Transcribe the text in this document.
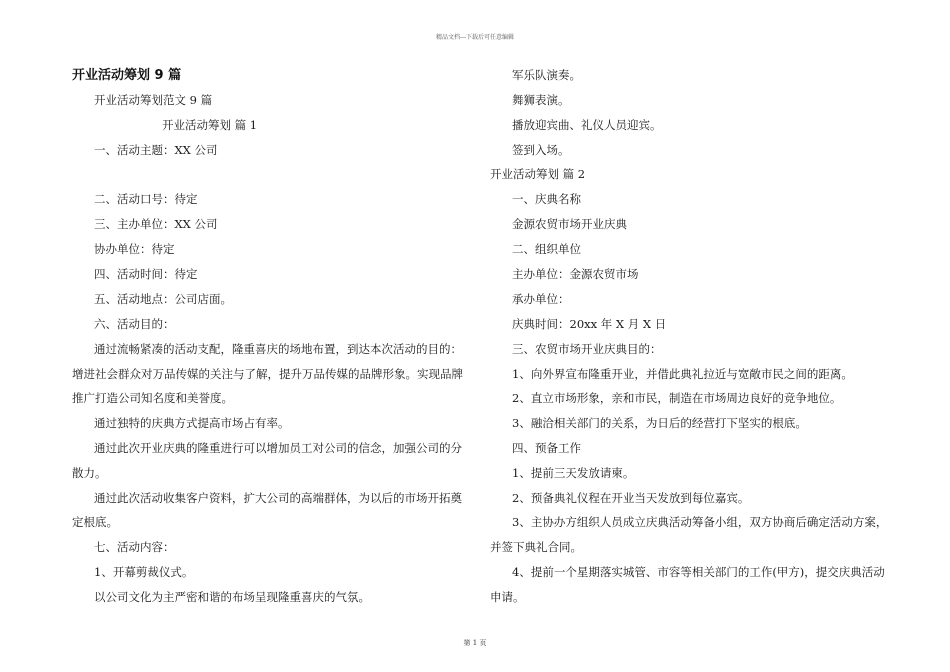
精品文档---下载后可任意编辑
开业活动筹划 9 篇

开业活动筹划范文 9 篇

开业活动筹划 篇 1

一、活动主题：XX 公司

二、活动口号：待定

三、主办单位：XX 公司

协办单位：待定

四、活动时间：待定

五、活动地点：公司店面。

六、活动目的：

通过流畅紧凑的活动支配，隆重喜庆的场地布置，到达本次活动的目的：

增进社会群众对万品传媒的关注与了解，提升万品传媒的品牌形象。实现品牌

推广打造公司知名度和美誉度。

通过独特的庆典方式提高市场占有率。

通过此次开业庆典的隆重进行可以增加员工对公司的信念，加强公司的分

散力。

通过此次活动收集客户资料，扩大公司的高端群体，为以后的市场开拓奠

定根底。

七、活动内容：

1、开幕剪裁仪式。

以公司文化为主严密和谐的布场呈现隆重喜庆的气氛。

军乐队演奏。

舞狮表演。

播放迎宾曲、礼仪人员迎宾。

签到入场。

开业活动筹划 篇 2

一、庆典名称

金源农贸市场开业庆典

二、组织单位

主办单位：金源农贸市场

承办单位：

庆典时间：20xx 年 X 月 X 日

三、农贸市场开业庆典目的：

1、向外界宣布隆重开业，并借此典礼拉近与宽敞市民之间的距离。

2、直立市场形象，亲和市民，制造在市场周边良好的竞争地位。

3、融洽相关部门的关系，为日后的经营打下坚实的根底。

四、预备工作

1、提前三天发放请柬。

2、预备典礼仪程在开业当天发放到每位嘉宾。

3、主协办方组织人员成立庆典活动筹备小组，双方协商后确定活动方案，

并签下典礼合同。

4、提前一个星期落实城管、市容等相关部门的工作(甲方)，提交庆典活动

申请。

第 1 页
